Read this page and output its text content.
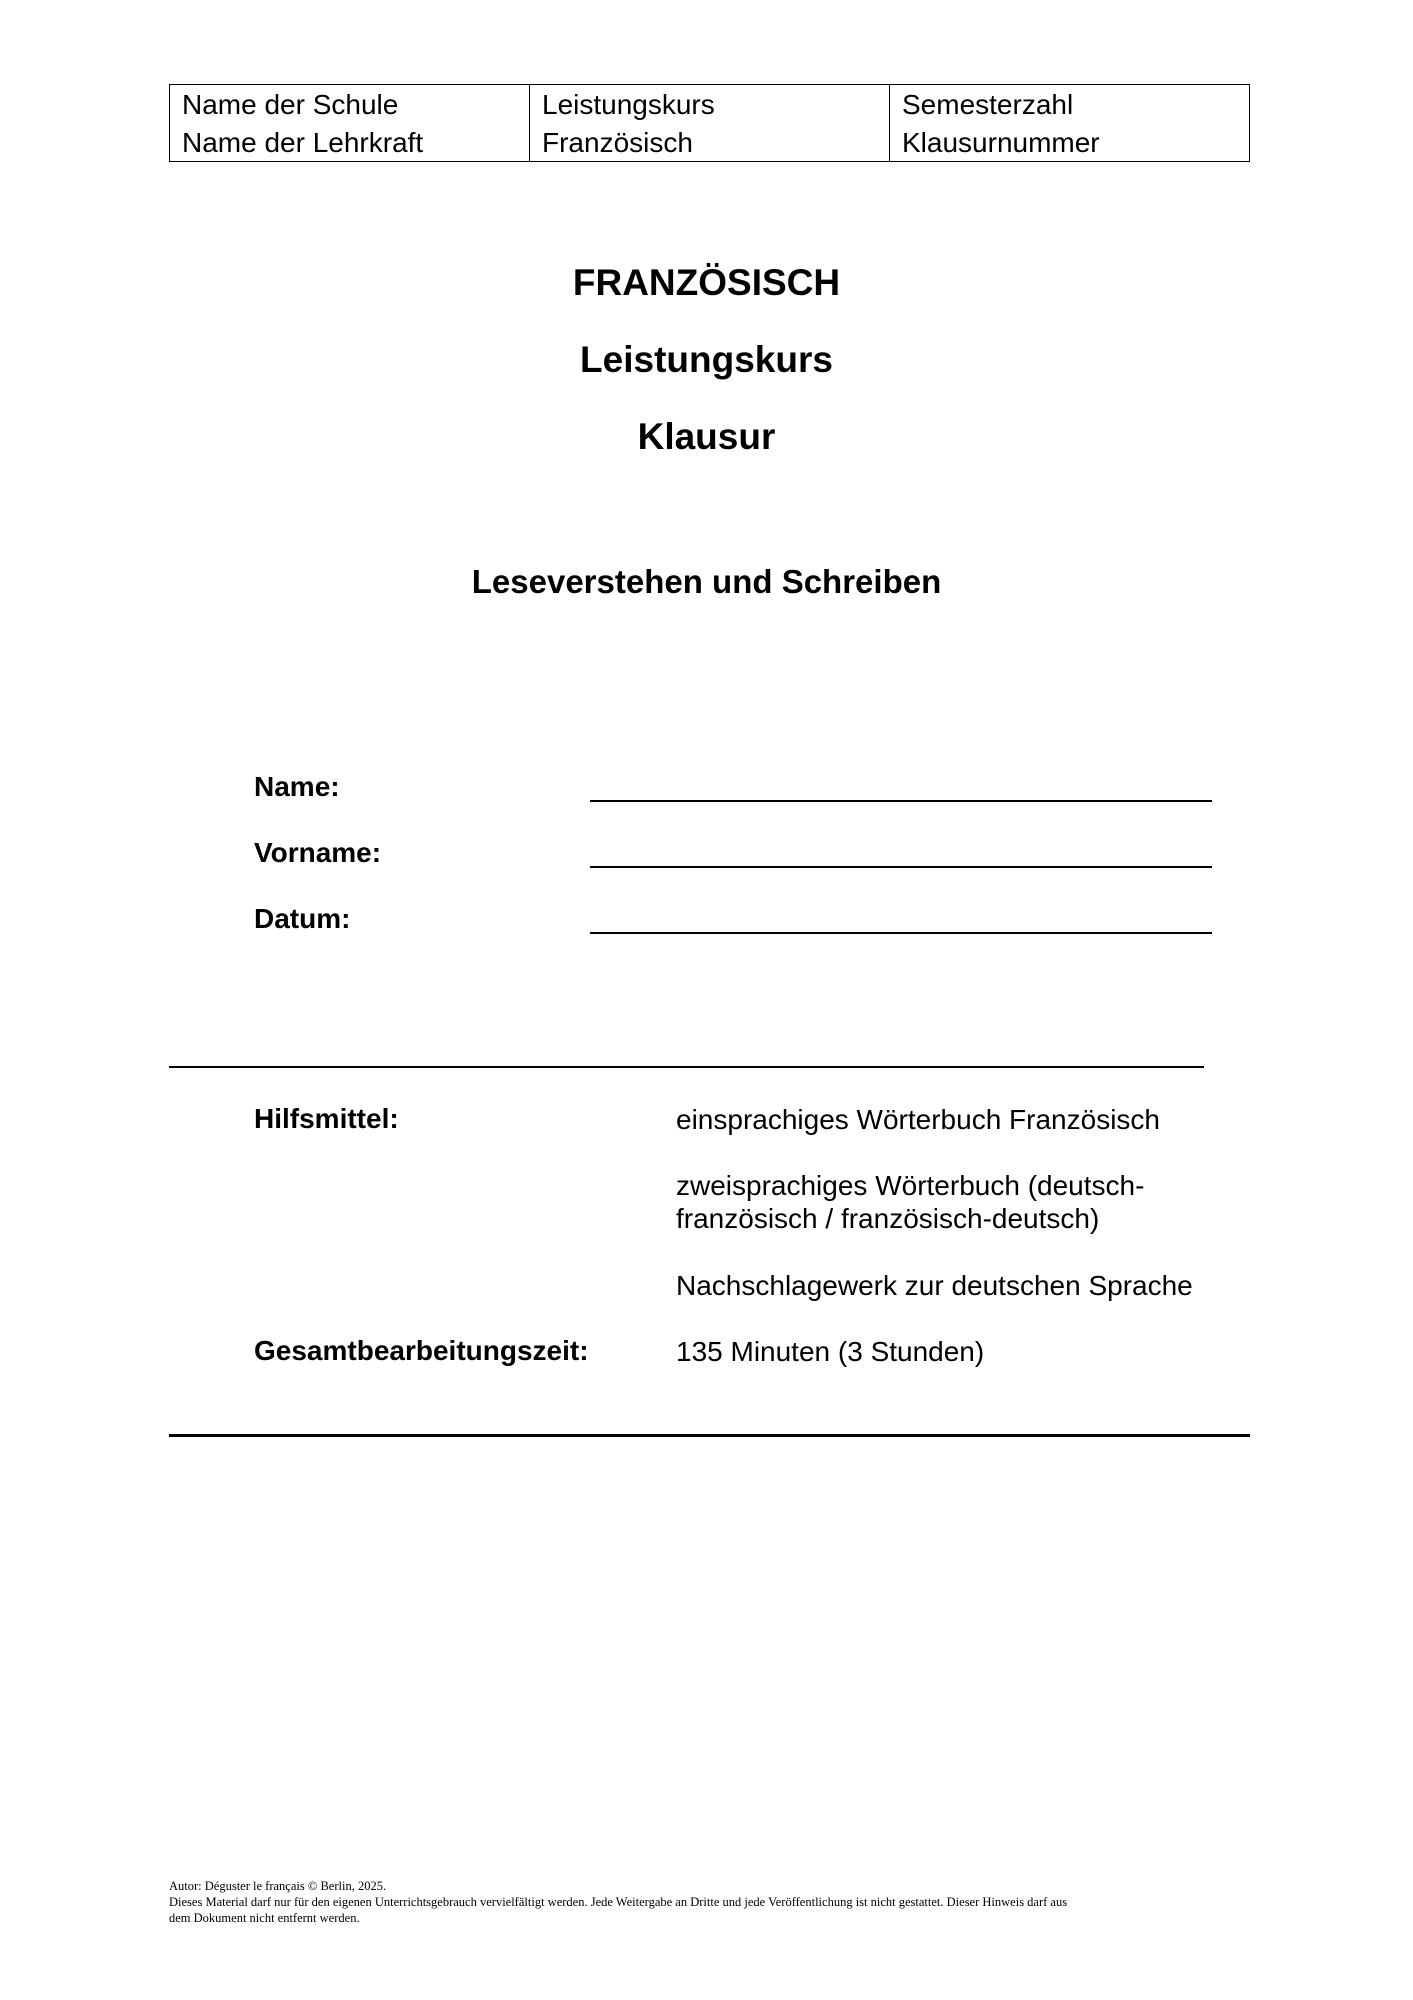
Name der Schule
Name der Lehrkraft
Leistungskurs
Französisch
Semesterzahl
Klausurnummer
FRANZÖSISCH
Leistungskurs
Klausur
Leseverstehen und Schreiben
Name:
Vorname:
Datum:
Hilfsmittel:	einsprachiges Wörterbuch Französisch
zweisprachiges Wörterbuch (deutsch-
französisch / französisch-deutsch)
Nachschlagewerk zur deutschen Sprache
Gesamtbearbeitungszeit:	135 Minuten (3 Stunden)
Autor: Déguster le français © Berlin, 2025.
Dieses Material darf nur für den eigenen Unterrichtsgebrauch vervielfältigt werden. Jede Weitergabe an Dritte und jede Veröffentlichung ist nicht gestattet. Dieser Hinweis darf aus
dem Dokument nicht entfernt werden.
